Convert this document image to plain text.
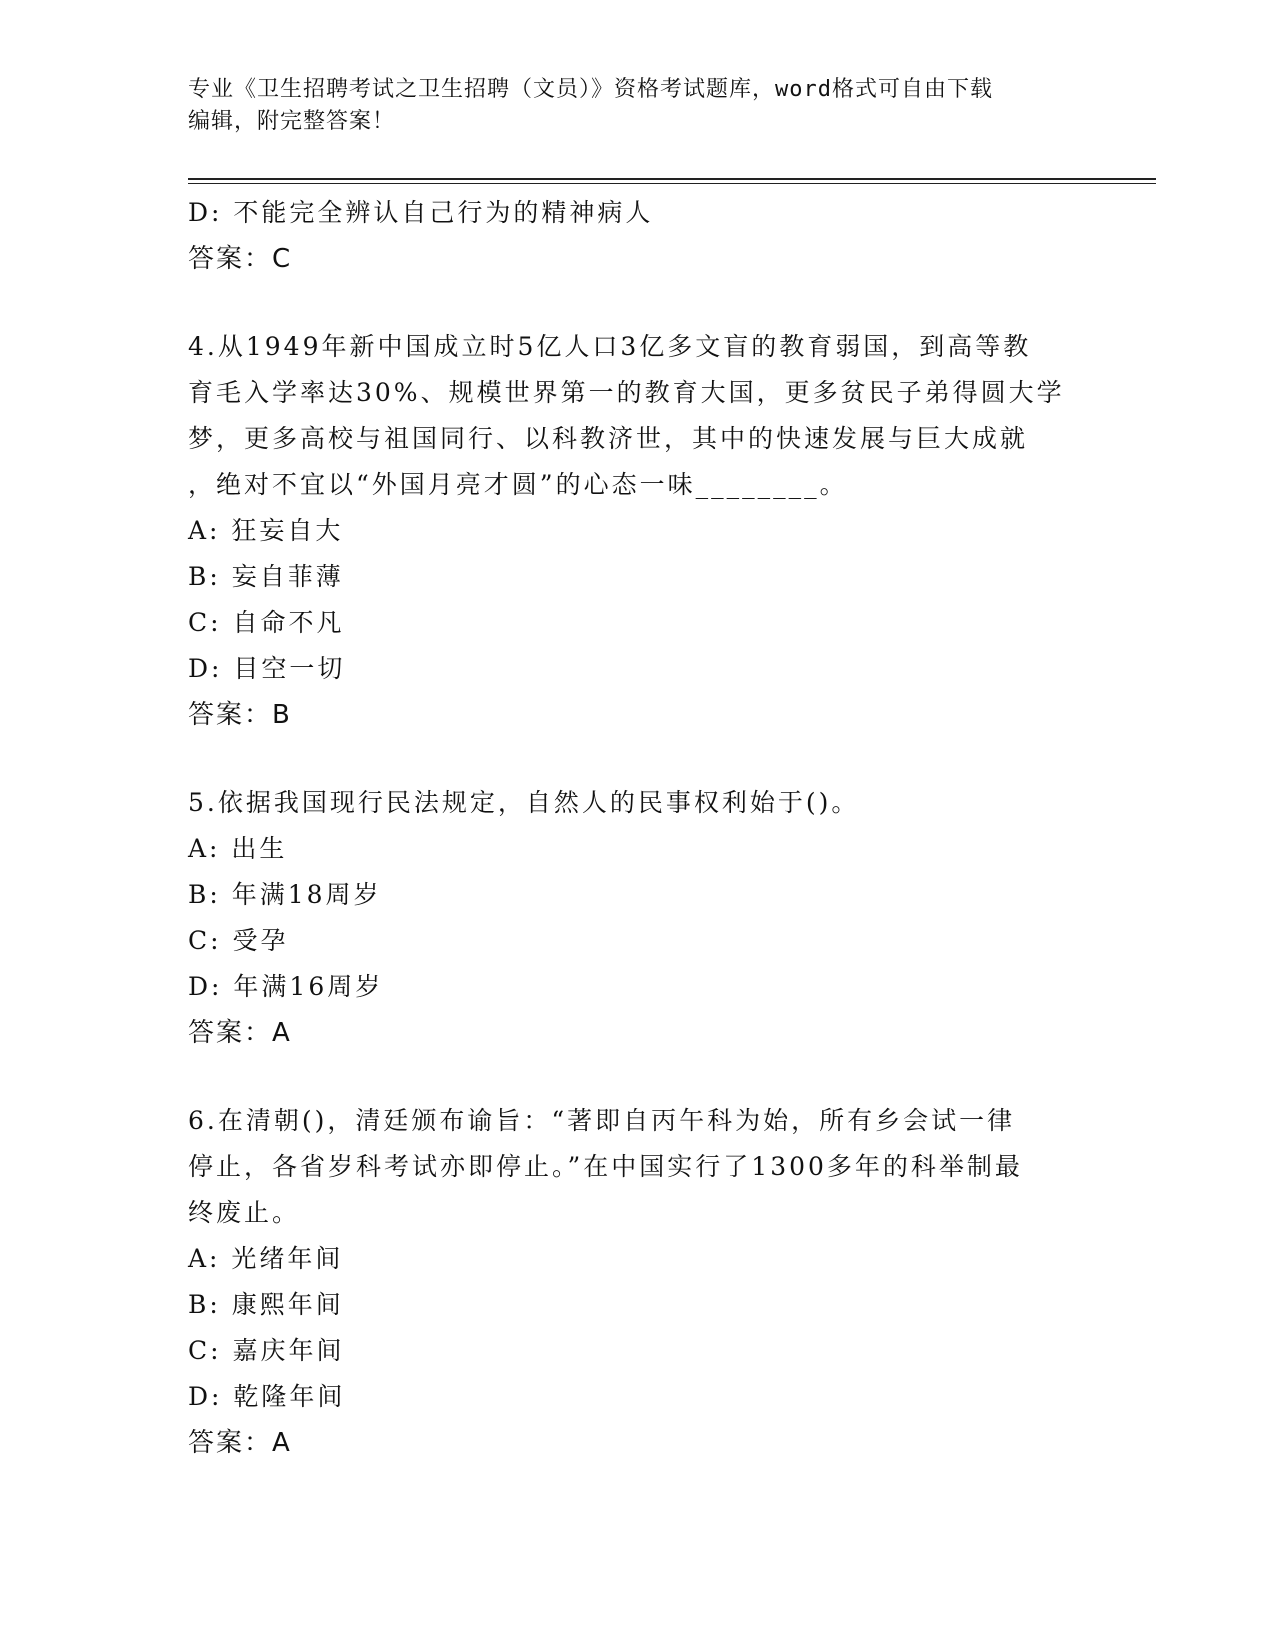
专业《卫生招聘考试之卫生招聘（文员）》资格考试题库，word格式可自由下载
编辑，附完整答案！
D: 不能完全辨认自己行为的精神病人
答案：C
4.从1949年新中国成立时5亿人口3亿多文盲的教育弱国，到高等教
育毛入学率达30%、规模世界第一的教育大国，更多贫民子弟得圆大学
梦，更多高校与祖国同行、以科教济世，其中的快速发展与巨大成就
，绝对不宜以“外国月亮才圆”的心态一味________。
A: 狂妄自大
B: 妄自菲薄
C: 自命不凡
D: 目空一切
答案：B
5.依据我国现行民法规定，自然人的民事权利始于()。
A: 出生
B: 年满18周岁
C: 受孕
D: 年满16周岁
答案：A
6.在清朝()，清廷颁布谕旨：“著即自丙午科为始，所有乡会试一律
停止，各省岁科考试亦即停止。”在中国实行了1300多年的科举制最
终废止。
A: 光绪年间
B: 康熙年间
C: 嘉庆年间
D: 乾隆年间
答案：A
